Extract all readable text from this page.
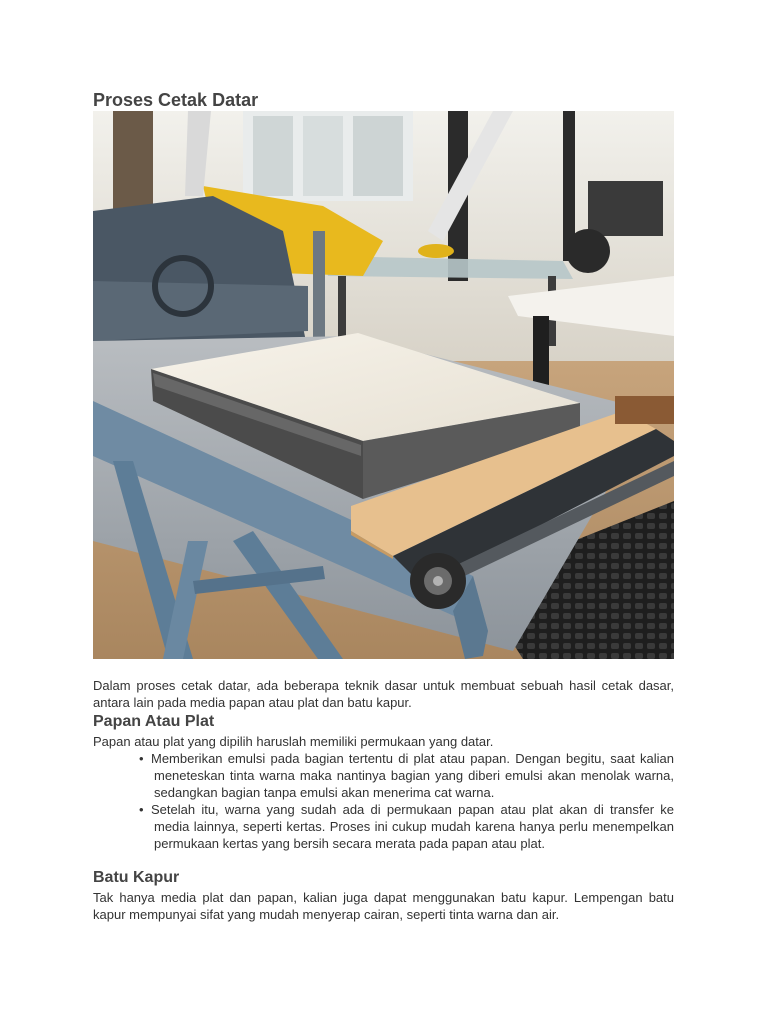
Proses Cetak Datar

Dalam proses cetak datar, ada beberapa teknik dasar untuk membuat sebuah hasil cetak dasar, antara lain pada media papan atau plat dan batu kapur.

Papan Atau Plat

Papan atau plat yang dipilih haruslah memiliki permukaan yang datar.

• Memberikan emulsi pada bagian tertentu di plat atau papan. Dengan begitu, saat kalian meneteskan tinta warna maka nantinya bagian yang diberi emulsi akan menolak warna, sedangkan bagian tanpa emulsi akan menerima cat warna.
• Setelah itu, warna yang sudah ada di permukaan papan atau plat akan di transfer ke media lainnya, seperti kertas. Proses ini cukup mudah karena hanya perlu menempelkan permukaan kertas yang bersih secara merata pada papan atau plat.
Batu Kapur

Tak hanya media plat dan papan, kalian juga dapat menggunakan batu kapur. Lempengan batu kapur mempunyai sifat yang mudah menyerap cairan, seperti tinta warna dan air.
